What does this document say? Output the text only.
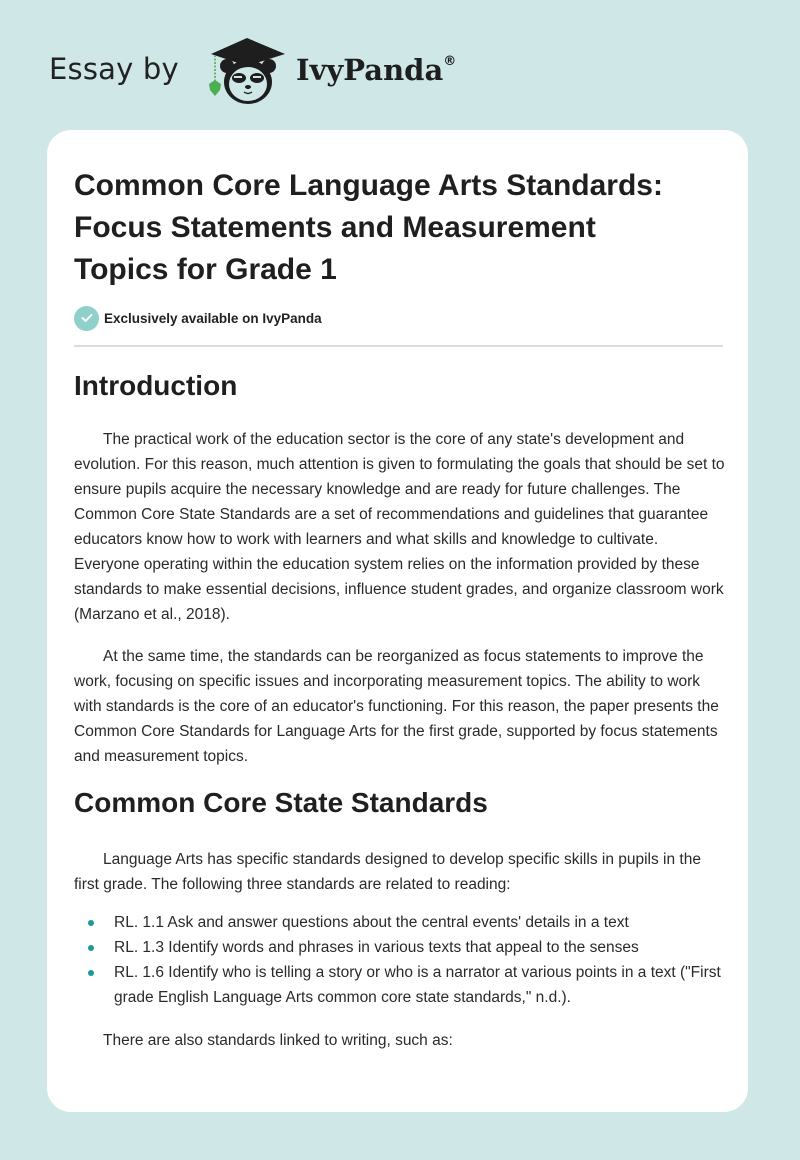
Essay by	IvyPanda®
Common Core Language Arts Standards: Focus Statements and Measurement Topics for Grade 1
Exclusively available on IvyPanda
Introduction

The practical work of the education sector is the core of any state's development and evolution. For this reason, much attention is given to formulating the goals that should be set to ensure pupils acquire the necessary knowledge and are ready for future challenges. The Common Core State Standards are a set of recommendations and guidelines that guarantee educators know how to work with learners and what skills and knowledge to cultivate. Everyone operating within the education system relies on the information provided by these standards to make essential decisions, influence student grades, and organize classroom work (Marzano et al., 2018).

At the same time, the standards can be reorganized as focus statements to improve the work, focusing on specific issues and incorporating measurement topics. The ability to work with standards is the core of an educator's functioning. For this reason, the paper presents the Common Core Standards for Language Arts for the first grade, supported by focus statements and measurement topics.

Common Core State Standards

Language Arts has specific standards designed to develop specific skills in pupils in the first grade. The following three standards are related to reading:

RL. 1.1 Ask and answer questions about the central events' details in a text
RL. 1.3 Identify words and phrases in various texts that appeal to the senses
RL. 1.6 Identify who is telling a story or who is a narrator at various points in a text ("First grade English Language Arts common core state standards," n.d.).

There are also standards linked to writing, such as:
